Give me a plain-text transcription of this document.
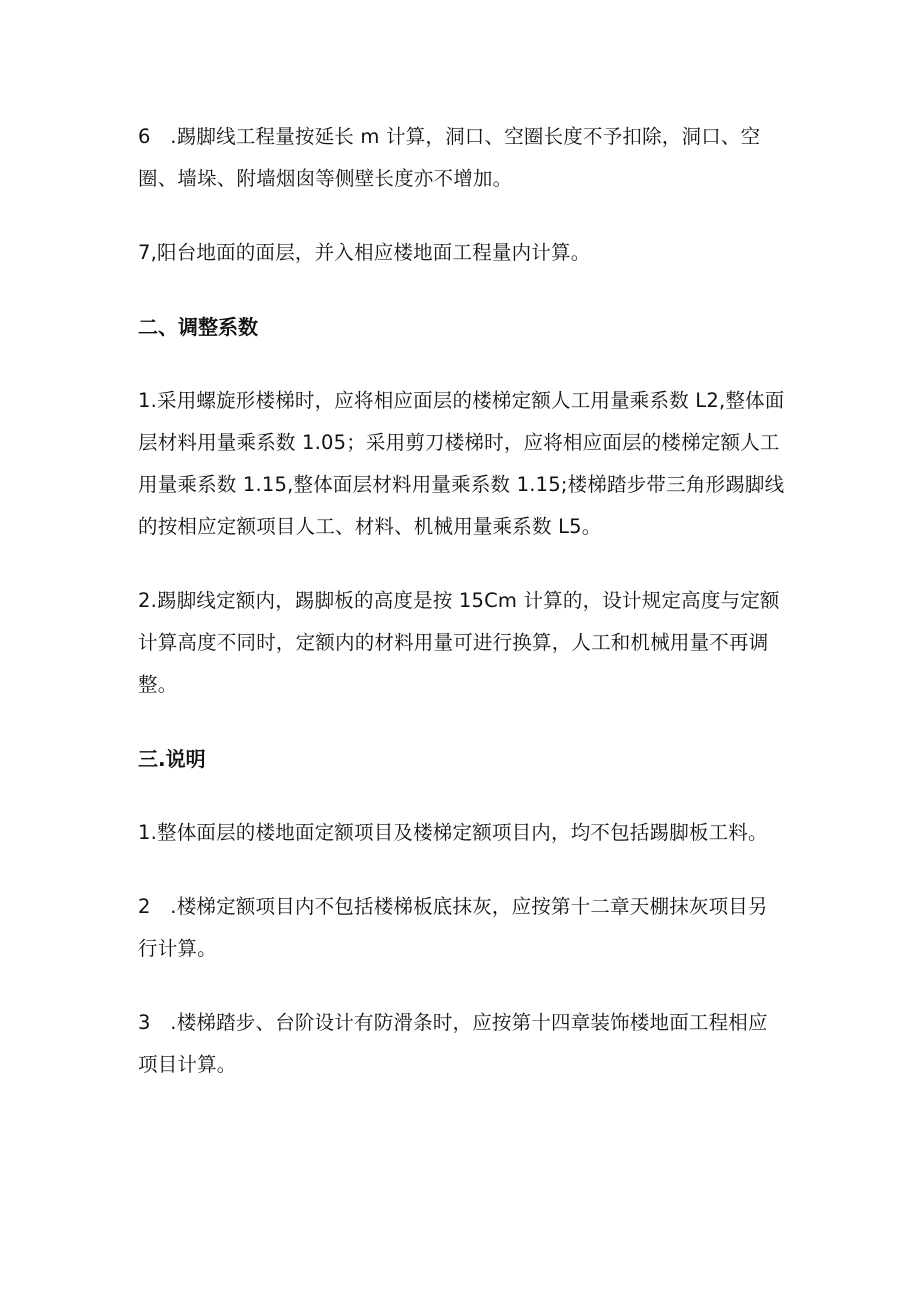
6　.踢脚线工程量按延长 m 计算，洞口、空圈长度不予扣除，洞口、空
圈、墙垛、附墙烟囱等侧壁长度亦不增加。

7,阳台地面的面层，并入相应楼地面工程量内计算。

二、调整系数

1.采用螺旋形楼梯时，应将相应面层的楼梯定额人工用量乘系数 L2,整体面
层材料用量乘系数 1.05；采用剪刀楼梯时，应将相应面层的楼梯定额人工
用量乘系数 1.15,整体面层材料用量乘系数 1.15;楼梯踏步带三角形踢脚线
的按相应定额项目人工、材料、机械用量乘系数 L5。

2.踢脚线定额内，踢脚板的高度是按 15Cm 计算的，设计规定高度与定额
计算高度不同时，定额内的材料用量可进行换算，人工和机械用量不再调
整。

三.说明

1.整体面层的楼地面定额项目及楼梯定额项目内，均不包括踢脚板工料。

2　.楼梯定额项目内不包括楼梯板底抹灰，应按第十二章天棚抹灰项目另
行计算。

3　.楼梯踏步、台阶设计有防滑条时，应按第十四章装饰楼地面工程相应
项目计算。
